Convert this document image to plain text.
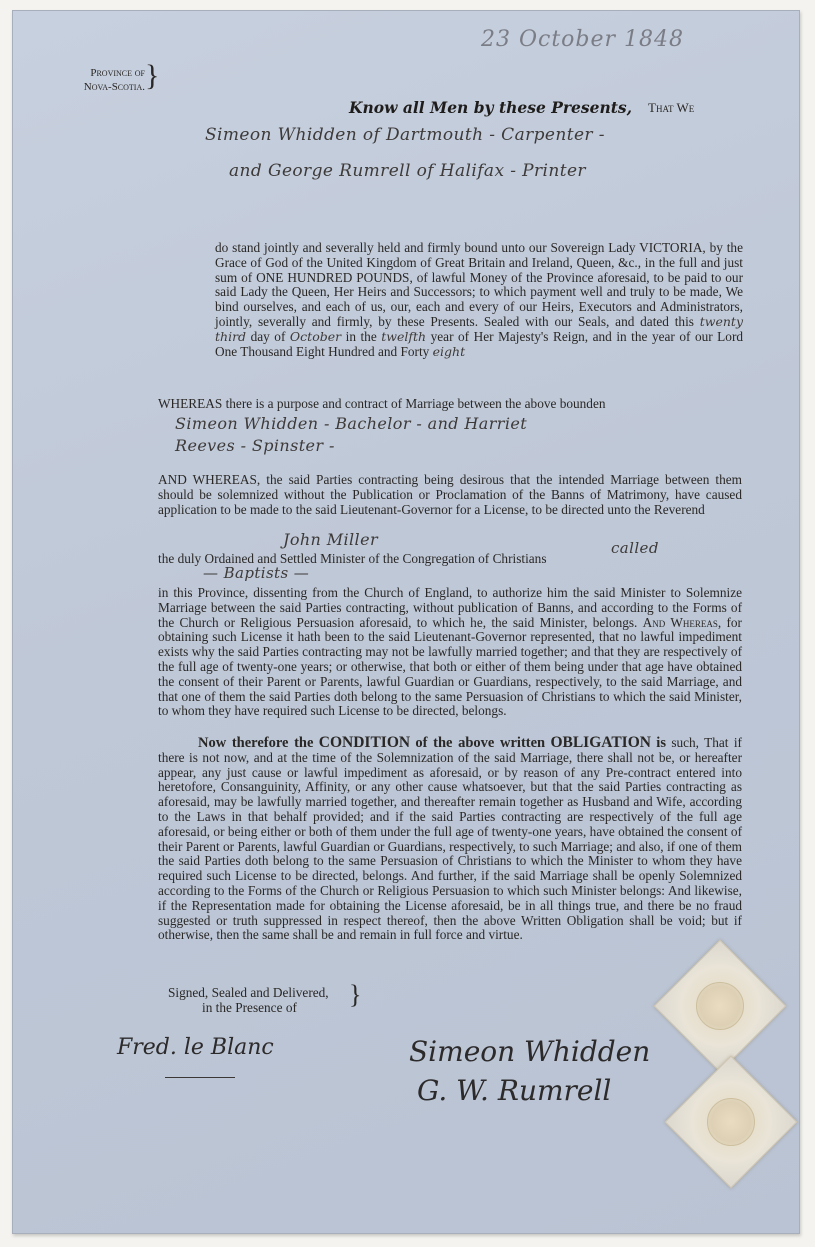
23 October 1848
Province of
Nova-Scotia. }
Know all Men by these Presents, That We
Simeon Whidden of Dartmouth - Carpenter -
and George Rumrell of Halifax - Printer
do stand jointly and severally held and firmly bound unto our Sovereign Lady VICTORIA, by the Grace of God of the United Kingdom of Great Britain and Ireland, Queen, &c., in the full and just sum of ONE HUNDRED POUNDS, of lawful Money of the Province aforesaid, to be paid to our said Lady the Queen, Her Heirs and Successors; to which payment well and truly to be made, We bind ourselves, and each of us, our, each and every of our Heirs, Executors and Administrators, jointly, severally and firmly, by these Presents. Sealed with our Seals, and dated this twenty third day of October in the twelfth year of Her Majesty's Reign, and in the year of our Lord One Thousand Eight Hundred and Forty eight
WHEREAS there is a purpose and contract of Marriage between the above bounden
Simeon Whidden - Bachelor - and Harriet
Reeves - Spinster -
AND WHEREAS, the said Parties contracting being desirous that the intended Marriage between them should be solemnized without the Publication or Proclamation of the Banns of Matrimony, have caused application to be made to the said Lieutenant-Governor for a License, to be directed unto the Reverend
John Miller
the duly Ordained and Settled Minister of the Congregation of Christians
called
— Baptists —
in this Province, dissenting from the Church of England, to authorize him the said Minister to Solemnize Marriage between the said Parties contracting, without publication of Banns, and according to the Forms of the Church or Religious Persuasion aforesaid, to which he, the said Minister, belongs. And Whereas, for obtaining such License it hath been to the said Lieutenant-Governor represented, that no lawful impediment exists why the said Parties contracting may not be lawfully married together; and that they are respectively of the full age of twenty-one years; or otherwise, that both or either of them being under that age have obtained the consent of their Parent or Parents, lawful Guardian or Guardians, respectively, to the said Marriage, and that one of them the said Parties doth belong to the same Persuasion of Christians to which the said Minister, to whom they have required such License to be directed, belongs.
Now therefore the CONDITION of the above written OBLIGATION is such, That if there is not now, and at the time of the Solemnization of the said Marriage, there shall not be, or hereafter appear, any just cause or lawful impediment as aforesaid, or by reason of any Pre-contract entered into heretofore, Consanguinity, Affinity, or any other cause whatsoever, but that the said Parties contracting as aforesaid, may be lawfully married together, and thereafter remain together as Husband and Wife, according to the Laws in that behalf provided; and if the said Parties contracting are respectively of the full age aforesaid, or being either or both of them under the full age of twenty-one years, have obtained the consent of their Parent or Parents, lawful Guardian or Guardians, respectively, to such Marriage; and also, if one of them the said Parties doth belong to the same Persuasion of Christians to which the Minister to whom they have required such License to be directed, belongs. And further, if the said Marriage shall be openly Solemnized according to the Forms of the Church or Religious Persuasion to which such Minister belongs: And likewise, if the Representation made for obtaining the License aforesaid, be in all things true, and there be no fraud suggested or truth suppressed in respect thereof, then the above Written Obligation shall be void; but if otherwise, then the same shall be and remain in full force and virtue.
Signed, Sealed and Delivered,
in the Presence of	}
Fred. le Blanc	Simeon Whidden
G. W. Rumrell
